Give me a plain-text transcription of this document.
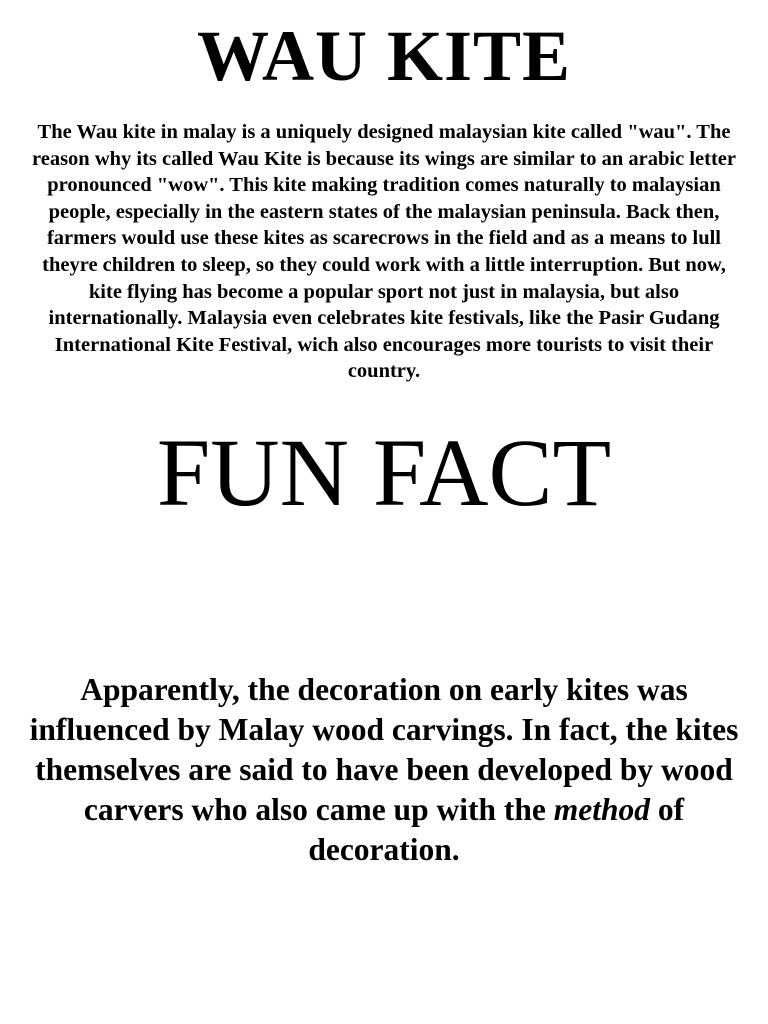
WAU KITE

The Wau kite in malay is a uniquely designed malaysian kite called "wau". The reason why its called Wau Kite is because its wings are similar to an arabic letter pronounced "wow". This kite making tradition comes naturally to malaysian people, especially in the eastern states of the malaysian peninsula. Back then, farmers would use these kites as scarecrows in the field and as a means to lull theyre children to sleep, so they could work with a little interruption. But now, kite flying has become a popular sport not just in malaysia, but also internationally. Malaysia even celebrates kite festivals, like the Pasir Gudang International Kite Festival, wich also encourages more tourists to visit their country.

FUN FACT

Apparently, the decoration on early kites was influenced by Malay wood carvings. In fact, the kites themselves are said to have been developed by wood carvers who also came up with the method of decoration.
